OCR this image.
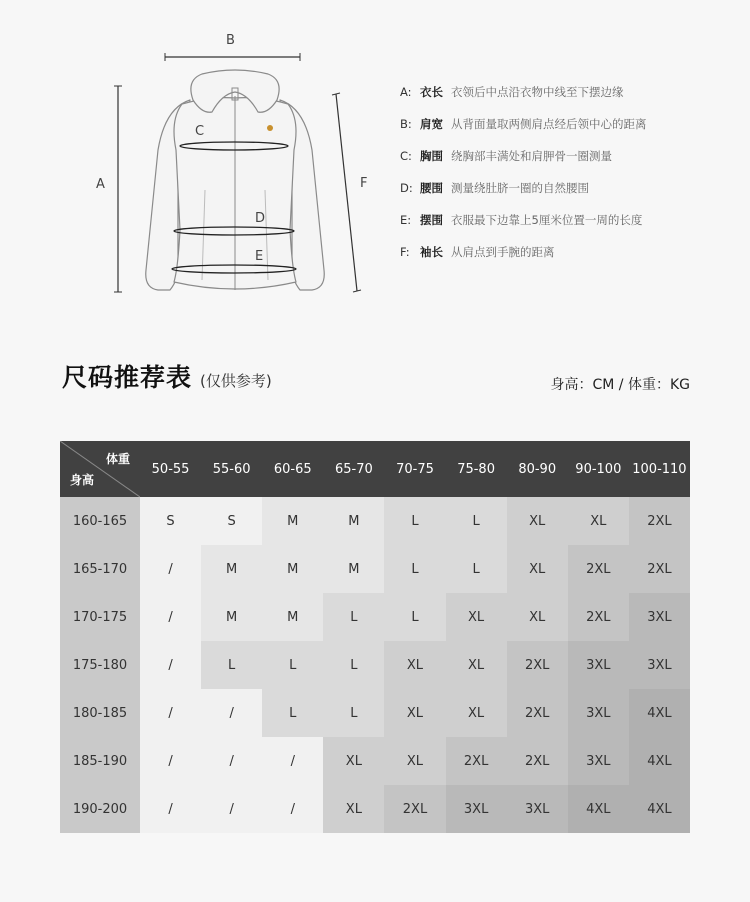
B
A
C
D
E
F
A: 衣长 衣领后中点沿衣物中线至下摆边缘
B: 肩宽 从背面量取两侧肩点经后领中心的距离
C: 胸围 绕胸部丰满处和肩胛骨一圈测量
D: 腰围 测量绕肚脐一圈的自然腰围
E: 摆围 衣服最下边靠上5厘米位置一周的长度
F: 袖长 从肩点到手腕的距离
尺码推荐表 (仅供参考)	身高：CM / 体重：KG
体重
身高	50-55	55-60	60-65	65-70	70-75	75-80	80-90	90-100	100-110
160-165	S	S	M	M	L	L	XL	XL	2XL
165-170	/	M	M	M	L	L	XL	2XL	2XL
170-175	/	M	M	L	L	XL	XL	2XL	3XL
175-180	/	L	L	L	XL	XL	2XL	3XL	3XL
180-185	/	/	L	L	XL	XL	2XL	3XL	4XL
185-190	/	/	/	XL	XL	2XL	2XL	3XL	4XL
190-200	/	/	/	XL	2XL	3XL	3XL	4XL	4XL
